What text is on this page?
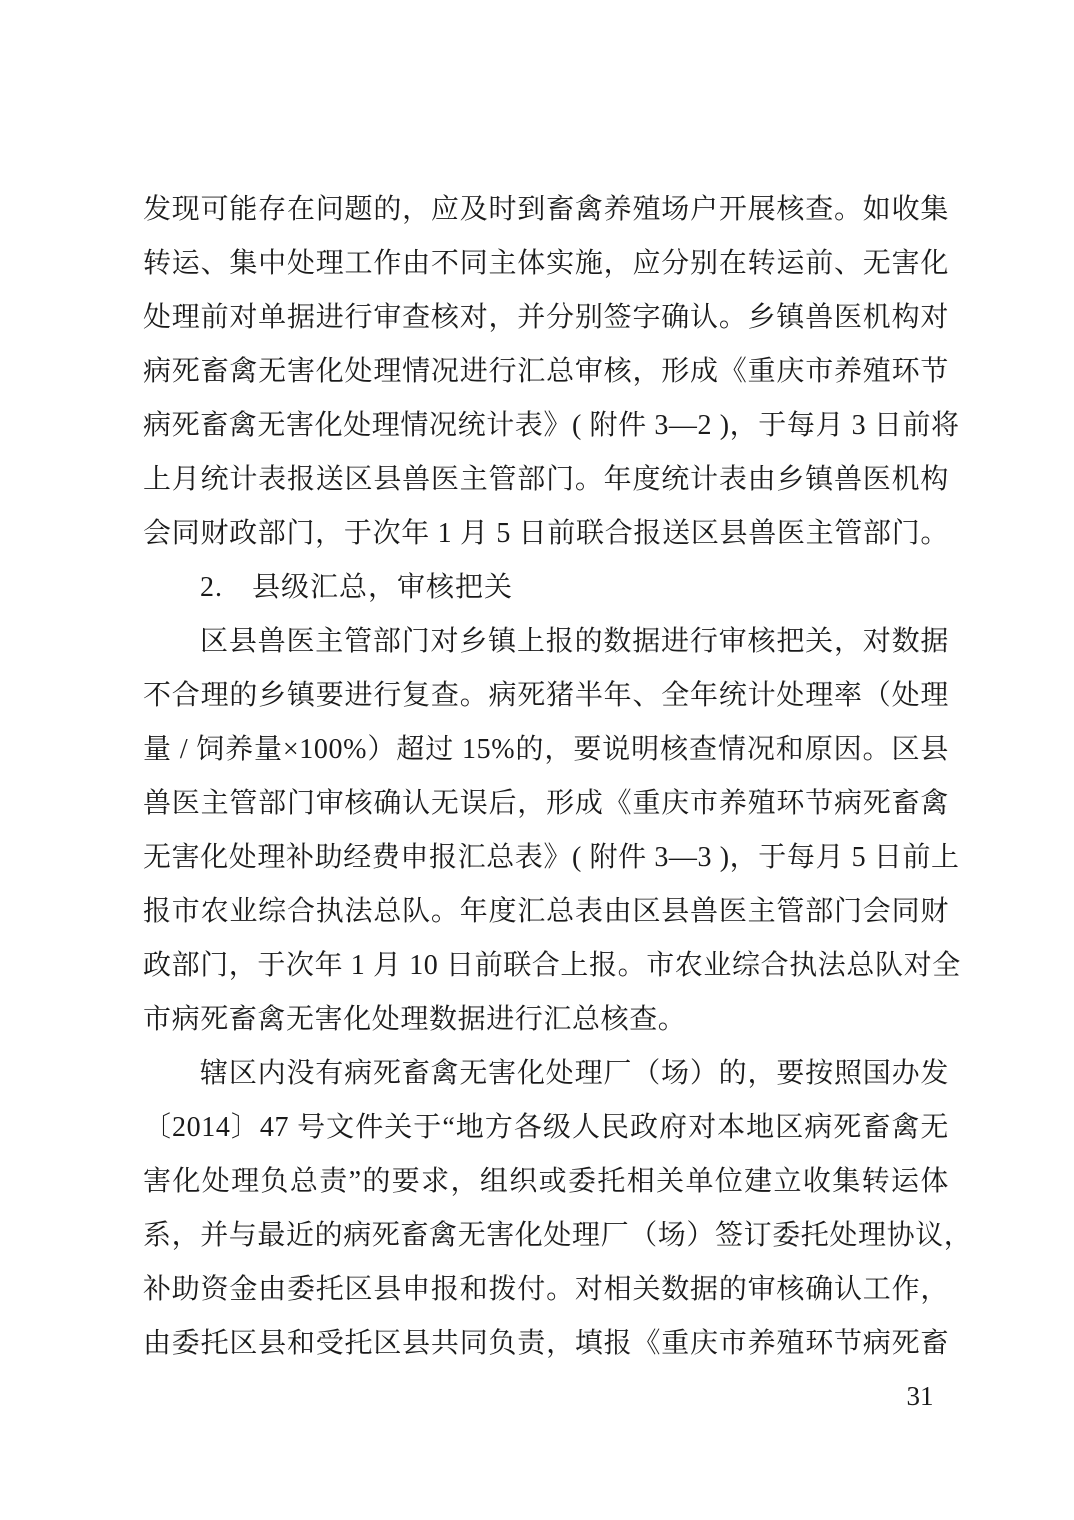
发现可能存在问题的，应及时到畜禽养殖场户开展核查。如收集
转运、集中处理工作由不同主体实施，应分别在转运前、无害化
处理前对单据进行审查核对，并分别签字确认。乡镇兽医机构对
病死畜禽无害化处理情况进行汇总审核，形成《重庆市养殖环节
病死畜禽无害化处理情况统计表》( 附件 3—2 )，于每月 3 日前将
上月统计表报送区县兽医主管部门。年度统计表由乡镇兽医机构
会同财政部门，于次年 1 月 5 日前联合报送区县兽医主管部门。
2.　县级汇总，审核把关
区县兽医主管部门对乡镇上报的数据进行审核把关，对数据
不合理的乡镇要进行复查。病死猪半年、全年统计处理率（处理
量 / 饲养量×100%）超过 15%的，要说明核查情况和原因。区县
兽医主管部门审核确认无误后，形成《重庆市养殖环节病死畜禽
无害化处理补助经费申报汇总表》( 附件 3—3 )，于每月 5 日前上
报市农业综合执法总队。年度汇总表由区县兽医主管部门会同财
政部门，于次年 1 月 10 日前联合上报。市农业综合执法总队对全
市病死畜禽无害化处理数据进行汇总核查。
辖区内没有病死畜禽无害化处理厂（场）的，要按照国办发
〔2014〕47 号文件关于“地方各级人民政府对本地区病死畜禽无
害化处理负总责”的要求，组织或委托相关单位建立收集转运体
系，并与最近的病死畜禽无害化处理厂（场）签订委托处理协议，
补助资金由委托区县申报和拨付。对相关数据的审核确认工作，
由委托区县和受托区县共同负责，填报《重庆市养殖环节病死畜
31
